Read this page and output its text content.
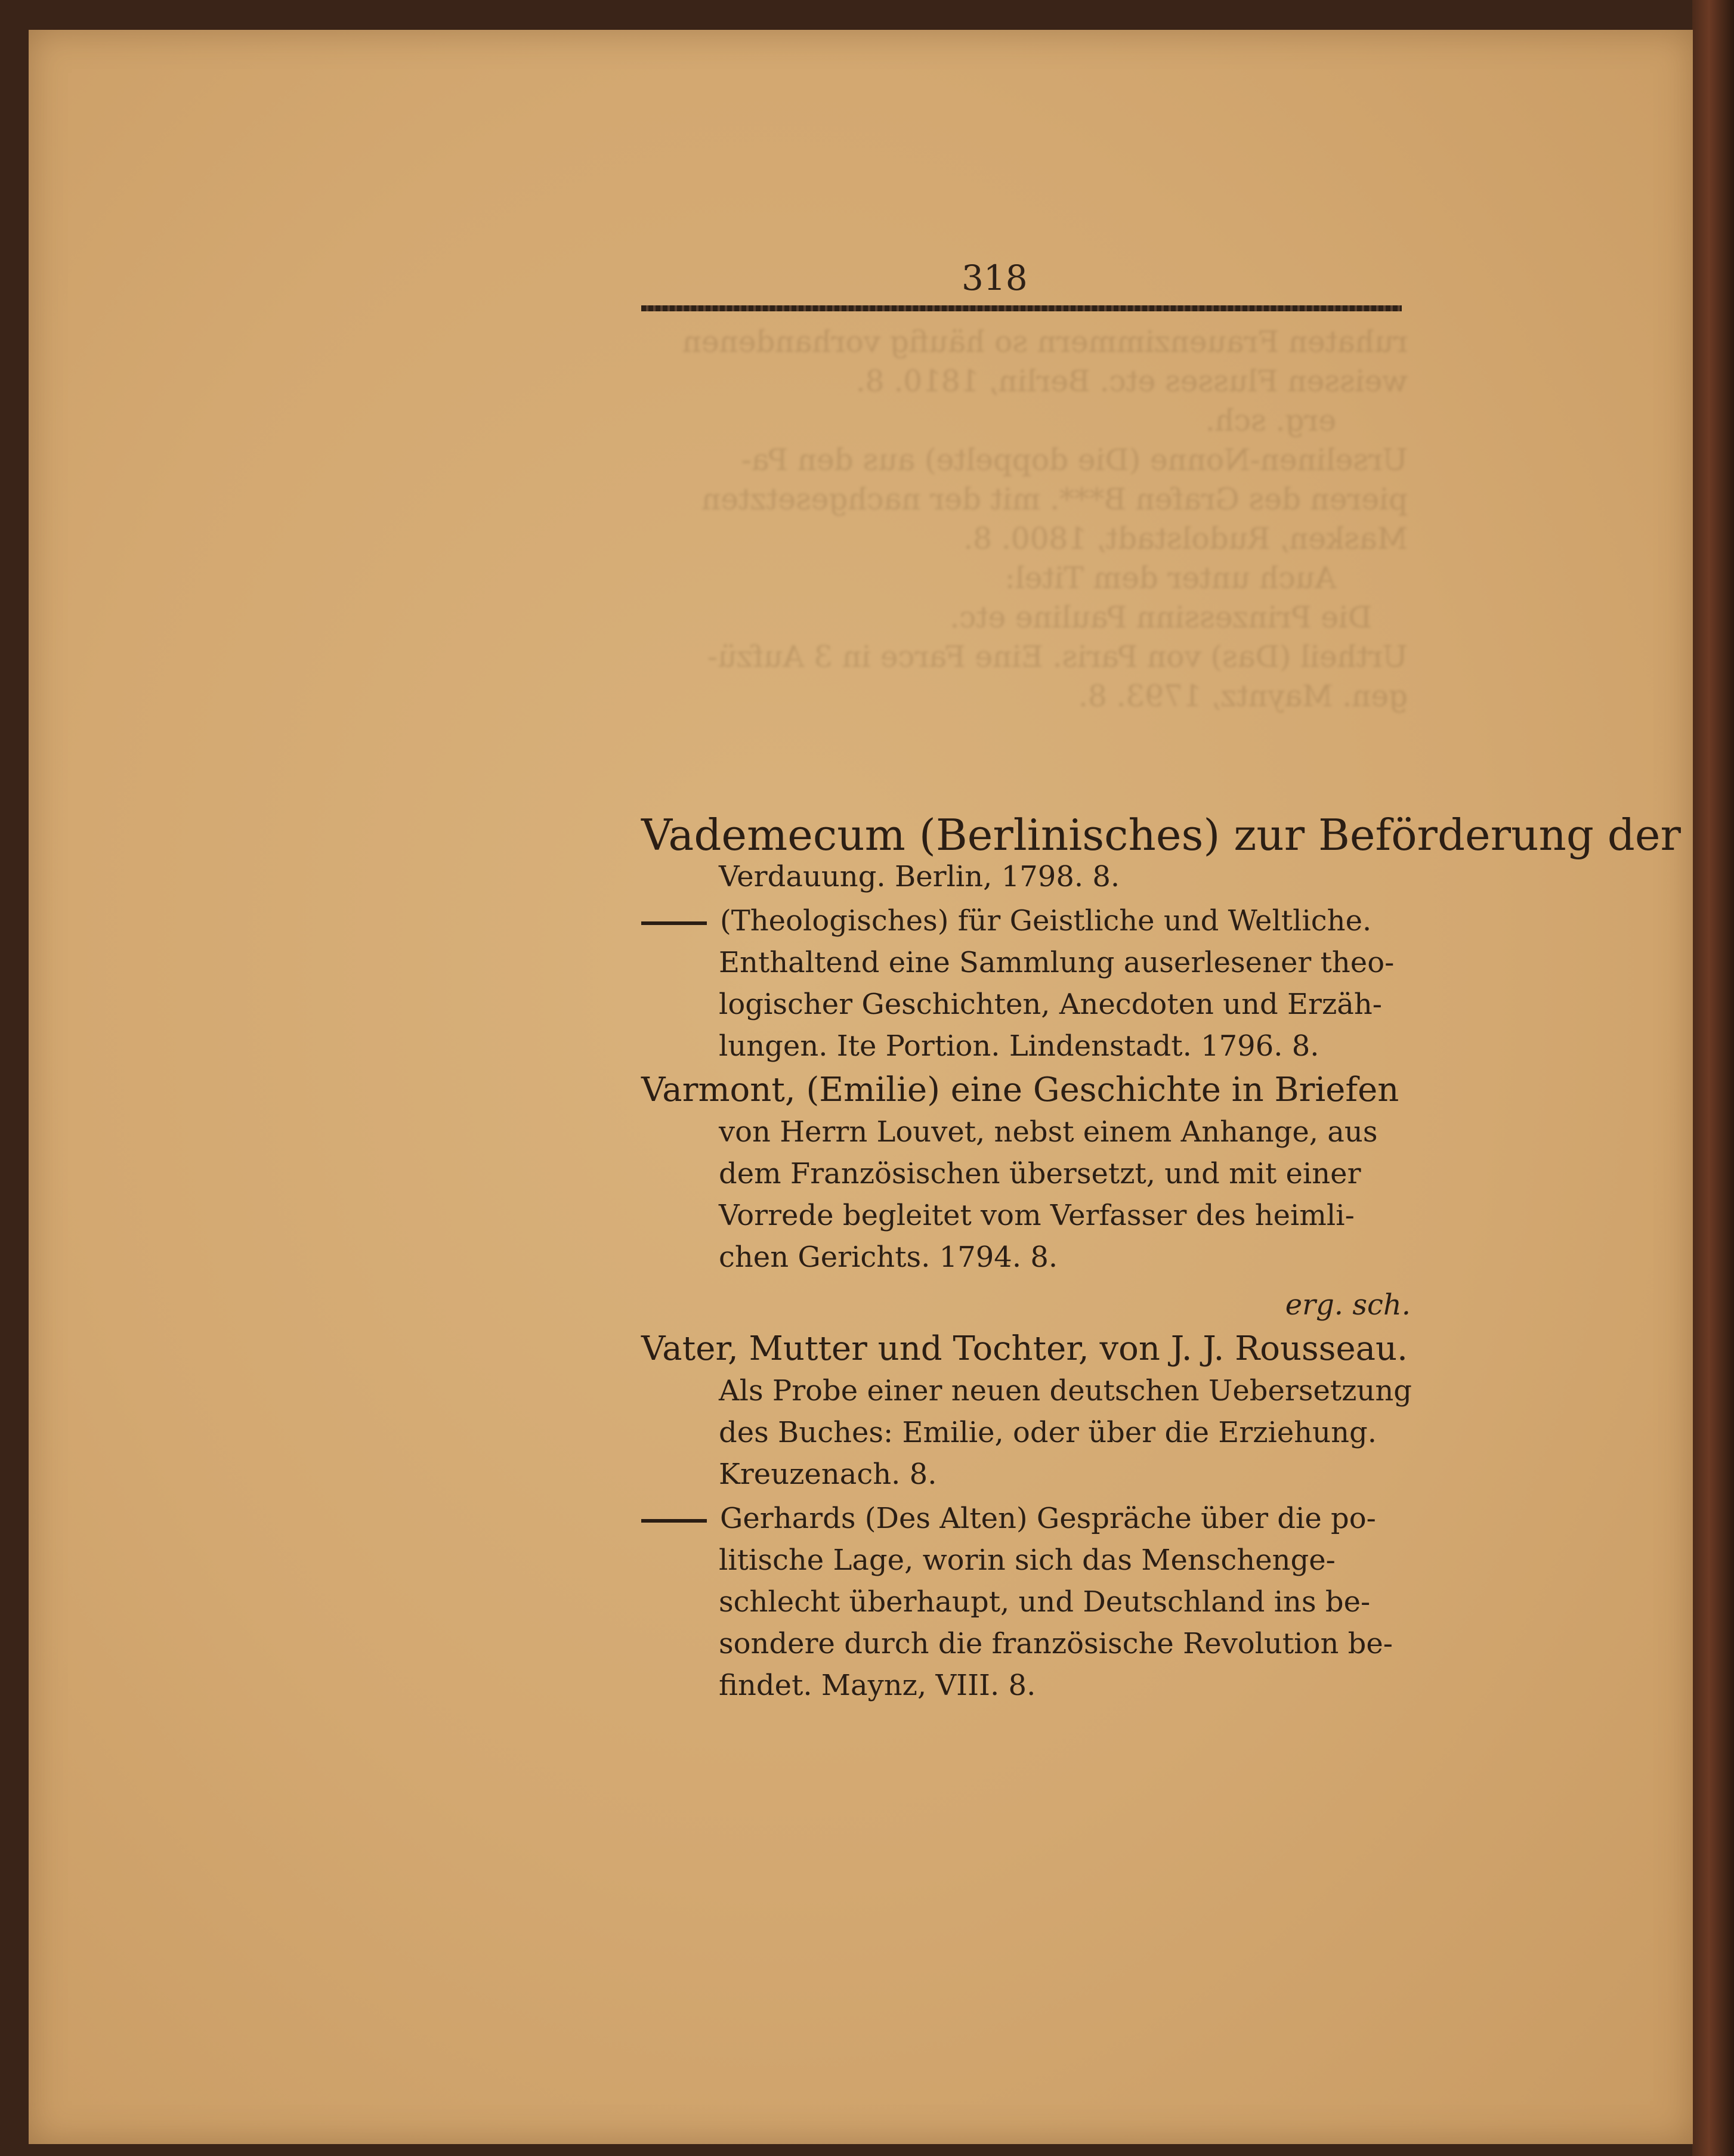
318
ruhaten Frauenzimmern so häufig vorhandenen
weissen Flusses etc. Berlin, 1810. 8.
erg. sch.
Urselinen-Nonne (Die doppelte) aus den Pa-
pieren des Grafen B***. mit der nachgesetzten
Masken, Rudolstadt, 1800. 8.
Auch unter dem Titel:
Die Prinzessinn Pauline etc.
Urtheil (Das) von Paris. Eine Farce in 3 Aufzü-
gen. Mayntz, 1793. 8.
Vademecum (Berlinisches) zur Beförderung der
Verdauung. Berlin, 1798. 8.
(Theologisches) für Geistliche und Weltliche.
Enthaltend eine Sammlung auserlesener theo-
logischer Geschichten, Anecdoten und Erzäh-
lungen. Ite Portion. Lindenstadt. 1796. 8.
Varmont, (Emilie) eine Geschichte in Briefen
von Herrn Louvet, nebst einem Anhange, aus
dem Französischen übersetzt, und mit einer
Vorrede begleitet vom Verfasser des heimli-
chen Gerichts. 1794. 8.
erg. sch.
Vater, Mutter und Tochter, von J. J. Rousseau.
Als Probe einer neuen deutschen Uebersetzung
des Buches: Emilie, oder über die Erziehung.
Kreuzenach. 8.
Gerhards (Des Alten) Gespräche über die po-
litische Lage, worin sich das Menschenge-
schlecht überhaupt, und Deutschland ins be-
sondere durch die französische Revolution be-
findet. Maynz, VIII. 8.
